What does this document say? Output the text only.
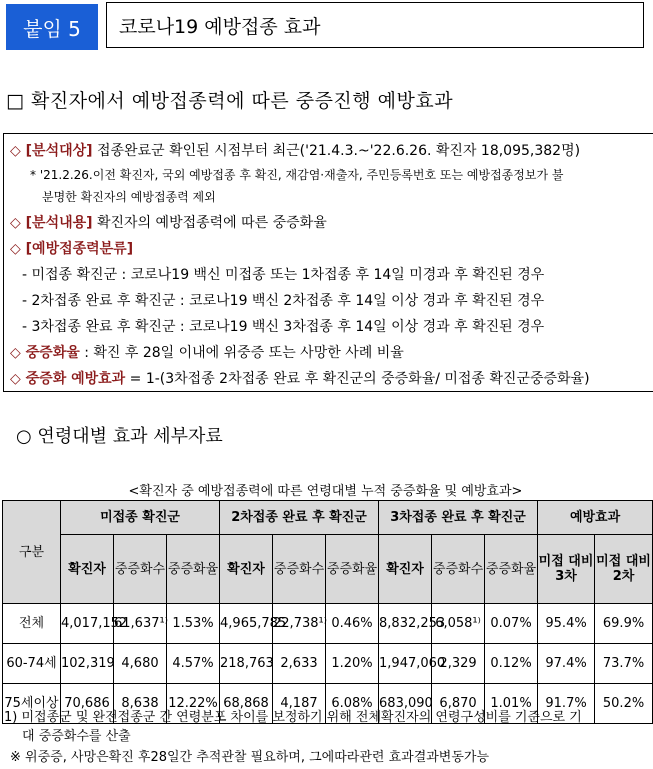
붙임 5	코로나19 예방접종 효과
□ 확진자에서 예방접종력에 따른 중증진행 예방효과
◇ [분석대상] 접종완료군 확인된 시점부터 최근('21.4.3.~'22.6.26. 확진자 18,095,382명)
* '21.2.26.이전 확진자, 국외 예방접종 후 확진, 재감염·재출자, 주민등록번호 또는 예방접종정보가 불
분명한 확진자의 예방접종력 제외
◇ [분석내용] 확진자의 예방접종력에 따른 중증화율
◇ [예방접종력분류]
- 미접종 확진군 : 코로나19 백신 미접종 또는 1차접종 후 14일 미경과 후 확진된 경우
- 2차접종 완료 후 확진군 : 코로나19 백신 2차접종 후 14일 이상 경과 후 확진된 경우
- 3차접종 완료 후 확진군 : 코로나19 백신 3차접종 후 14일 이상 경과 후 확진된 경우
◇ 중증화율 : 확진 후 28일 이내에 위중증 또는 사망한 사례 비율
◇ 중증화 예방효과 = 1-(3차접종 2차접종 완료 후 확진군의 중증화율/ 미접종 확진군중증화율)
○ 연령대별 효과 세부자료
<확진자 중 예방접종력에 따른 연령대별 누적 중증화율 및 예방효과>
구분	미접종 확진군			2차접종 완료 후 확진군			3차접종 완료 후 확진군			예방효과	
	확진자	중증화수	중증화율	확진자	중증화수	중증화율	확진자	중증화수	중증화율	미접 대비 3차	미접 대비 2차
전체	4,017,152	61,637¹⁾	1.53%	4,965,785	22,738¹⁾	0.46%	8,832,253	6,058¹⁾	0.07%	95.4%	69.9%
60-74세	102,319	4,680	4.57%	218,763	2,633	1.20%	1,947,060	2,329	0.12%	97.4%	73.7%
75세이상	70,686	8,638	12.22%	68,868	4,187	6.08%	683,090	6,870	1.01%	91.7%	50.2%
1) 미접종군 및 완전접종군 간 연령분포 차이를 보정하기 위해 전체확진자의 연령구성비를 기준으로 기
대 중증화수를 산출
※ 위중증, 사망은확진 후28일간 추적관찰 필요하며, 그에따라관련 효과결과변동가능
